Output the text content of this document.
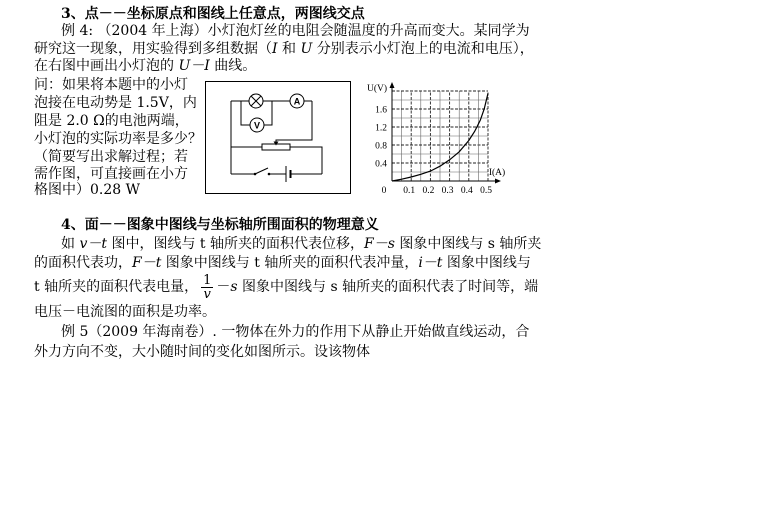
3、点－－坐标原点和图线上任意点，两图线交点
例 4: （2004 年上海）小灯泡灯丝的电阻会随温度的升高而变大。某同学为
研究这一现象，用实验得到多组数据（I 和 U 分别表示小灯泡上的电流和电压），
在右图中画出小灯泡的 U－I 曲线。
问：如果将本题中的小灯
泡接在电动势是 1.5V，内
阻是 2.0 Ω的电池两端，
小灯泡的实际功率是多少？
（简要写出求解过程；若
需作图，可直接画在小方
格图中）0.28 W
A
V
1.6
1.2
0.8
0.4
0 0.1 0.2 0.3 0.4 0.5
U(V)
I(A)
4、面－－图象中图线与坐标轴所围面积的物理意义
如 v－t 图中，图线与 t 轴所夹的面积代表位移，F－s 图象中图线与 s 轴所夹
的面积代表功，F－t 图象中图线与 t 轴所夹的面积代表冲量，i－t 图象中图线与
t 轴所夹的面积代表电量， $\frac{1}{v} -s$ 图象中图线与 s 轴所夹的面积代表了时间等，端
电压－电流图的面积是功率。
例 5（2009 年海南卷）. 一物体在外力的作用下从静止开始做直线运动，合
外力方向不变，大小随时间的变化如图所示。设该物体
